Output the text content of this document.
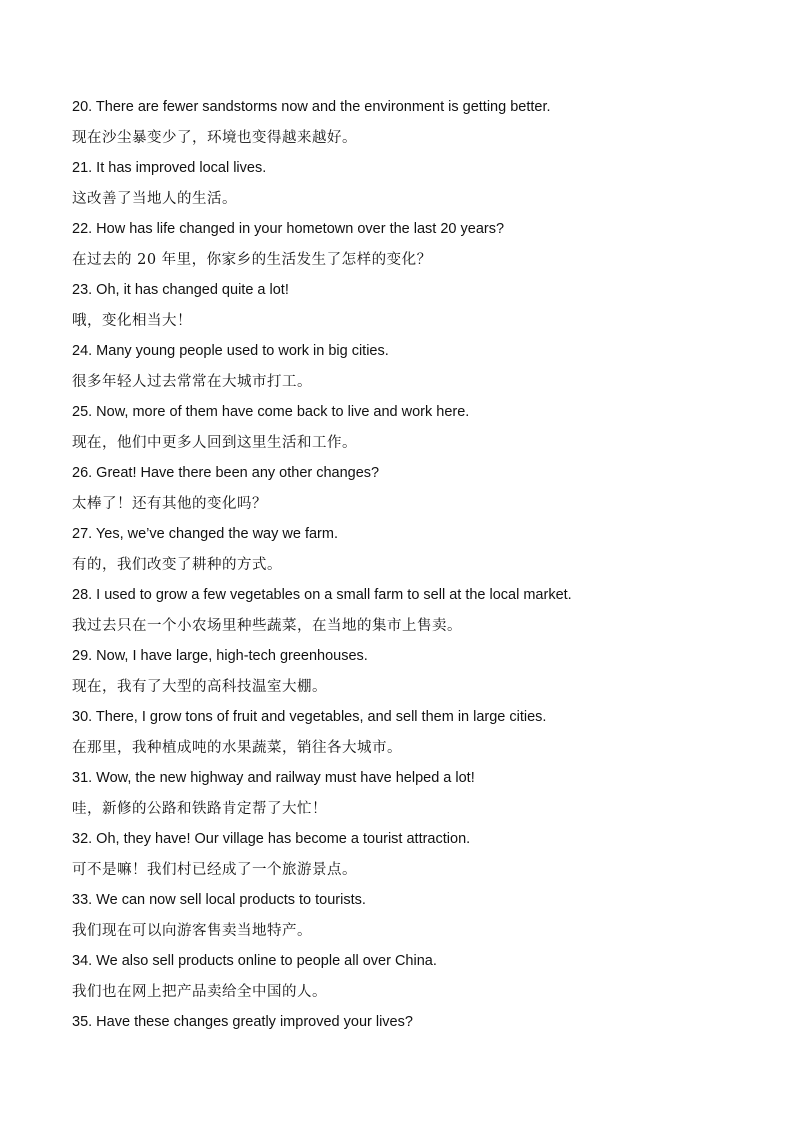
20. There are fewer sandstorms now and the environment is getting better.
现在沙尘暴变少了，环境也变得越来越好。
21. It has improved local lives.
这改善了当地人的生活。
22. How has life changed in your hometown over the last 20 years?
在过去的 20 年里，你家乡的生活发生了怎样的变化？
23. Oh, it has changed quite a lot!
哦，变化相当大！
24. Many young people used to work in big cities.
很多年轻人过去常常在大城市打工。
25. Now, more of them have come back to live and work here.
现在，他们中更多人回到这里生活和工作。
26. Great! Have there been any other changes?
太棒了！还有其他的变化吗？
27. Yes, we’ve changed the way we farm.
有的，我们改变了耕种的方式。
28. I used to grow a few vegetables on a small farm to sell at the local market.
我过去只在一个小农场里种些蔬菜，在当地的集市上售卖。
29. Now, I have large, high-tech greenhouses.
现在，我有了大型的高科技温室大棚。
30. There, I grow tons of fruit and vegetables, and sell them in large cities.
在那里，我种植成吨的水果蔬菜，销往各大城市。
31. Wow, the new highway and railway must have helped a lot!
哇，新修的公路和铁路肯定帮了大忙！
32. Oh, they have! Our village has become a tourist attraction.
可不是嘛！我们村已经成了一个旅游景点。
33. We can now sell local products to tourists.
我们现在可以向游客售卖当地特产。
34. We also sell products online to people all over China.
我们也在网上把产品卖给全中国的人。
35. Have these changes greatly improved your lives?
